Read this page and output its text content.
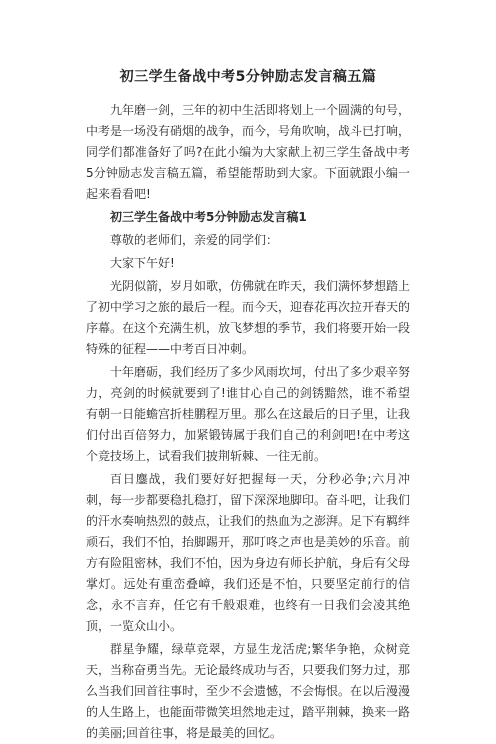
初三学生备战中考5分钟励志发言稿五篇

九年磨一剑，三年的初中生活即将划上一个圆满的句号，中考是一场没有硝烟的战争，而今，号角吹响，战斗已打响，同学们都准备好了吗?在此小编为大家献上初三学生备战中考5分钟励志发言稿五篇，希望能帮助到大家。下面就跟小编一起来看看吧!

初三学生备战中考5分钟励志发言稿1

尊敬的老师们，亲爱的同学们：

大家下午好!

光阴似箭，岁月如歌，仿佛就在昨天，我们满怀梦想踏上了初中学习之旅的最后一程。而今天，迎春花再次拉开春天的序幕。在这个充满生机，放飞梦想的季节，我们将要开始一段特殊的征程——中考百日冲刺。

十年磨砺，我们经历了多少风雨坎坷，付出了多少艰辛努力，亮剑的时候就要到了!谁甘心自己的剑锈黯然，谁不希望有朝一日能蟾宫折桂鹏程万里。那么在这最后的日子里，让我们付出百倍努力，加紧锻铸属于我们自己的利剑吧!在中考这个竞技场上，试看我们披荆斩棘、一往无前。

百日鏖战，我们要好好把握每一天，分秒必争;六月冲刺，每一步都要稳扎稳打，留下深深地脚印。奋斗吧，让我们的汗水奏响热烈的鼓点，让我们的热血为之澎湃。足下有羁绊顽石，我们不怕，抬脚踢开，那叮咚之声也是美妙的乐音。前方有险阻密林，我们不怕，因为身边有师长护航，身后有父母掌灯。远处有重峦叠嶂，我们还是不怕，只要坚定前行的信念，永不言弃，任它有千般艰难，也终有一日我们会凌其绝顶，一览众山小。

群星争耀，绿草竞翠，方显生龙活虎;繁华争艳，众树竞天，当称奋勇当先。无论最终成功与否，只要我们努力过，那么当我们回首往事时，至少不会遗憾，不会悔恨。在以后漫漫的人生路上，也能面带微笑坦然地走过，踏平荆棘，换来一路的美丽;回首往事，将是最美的回忆。
